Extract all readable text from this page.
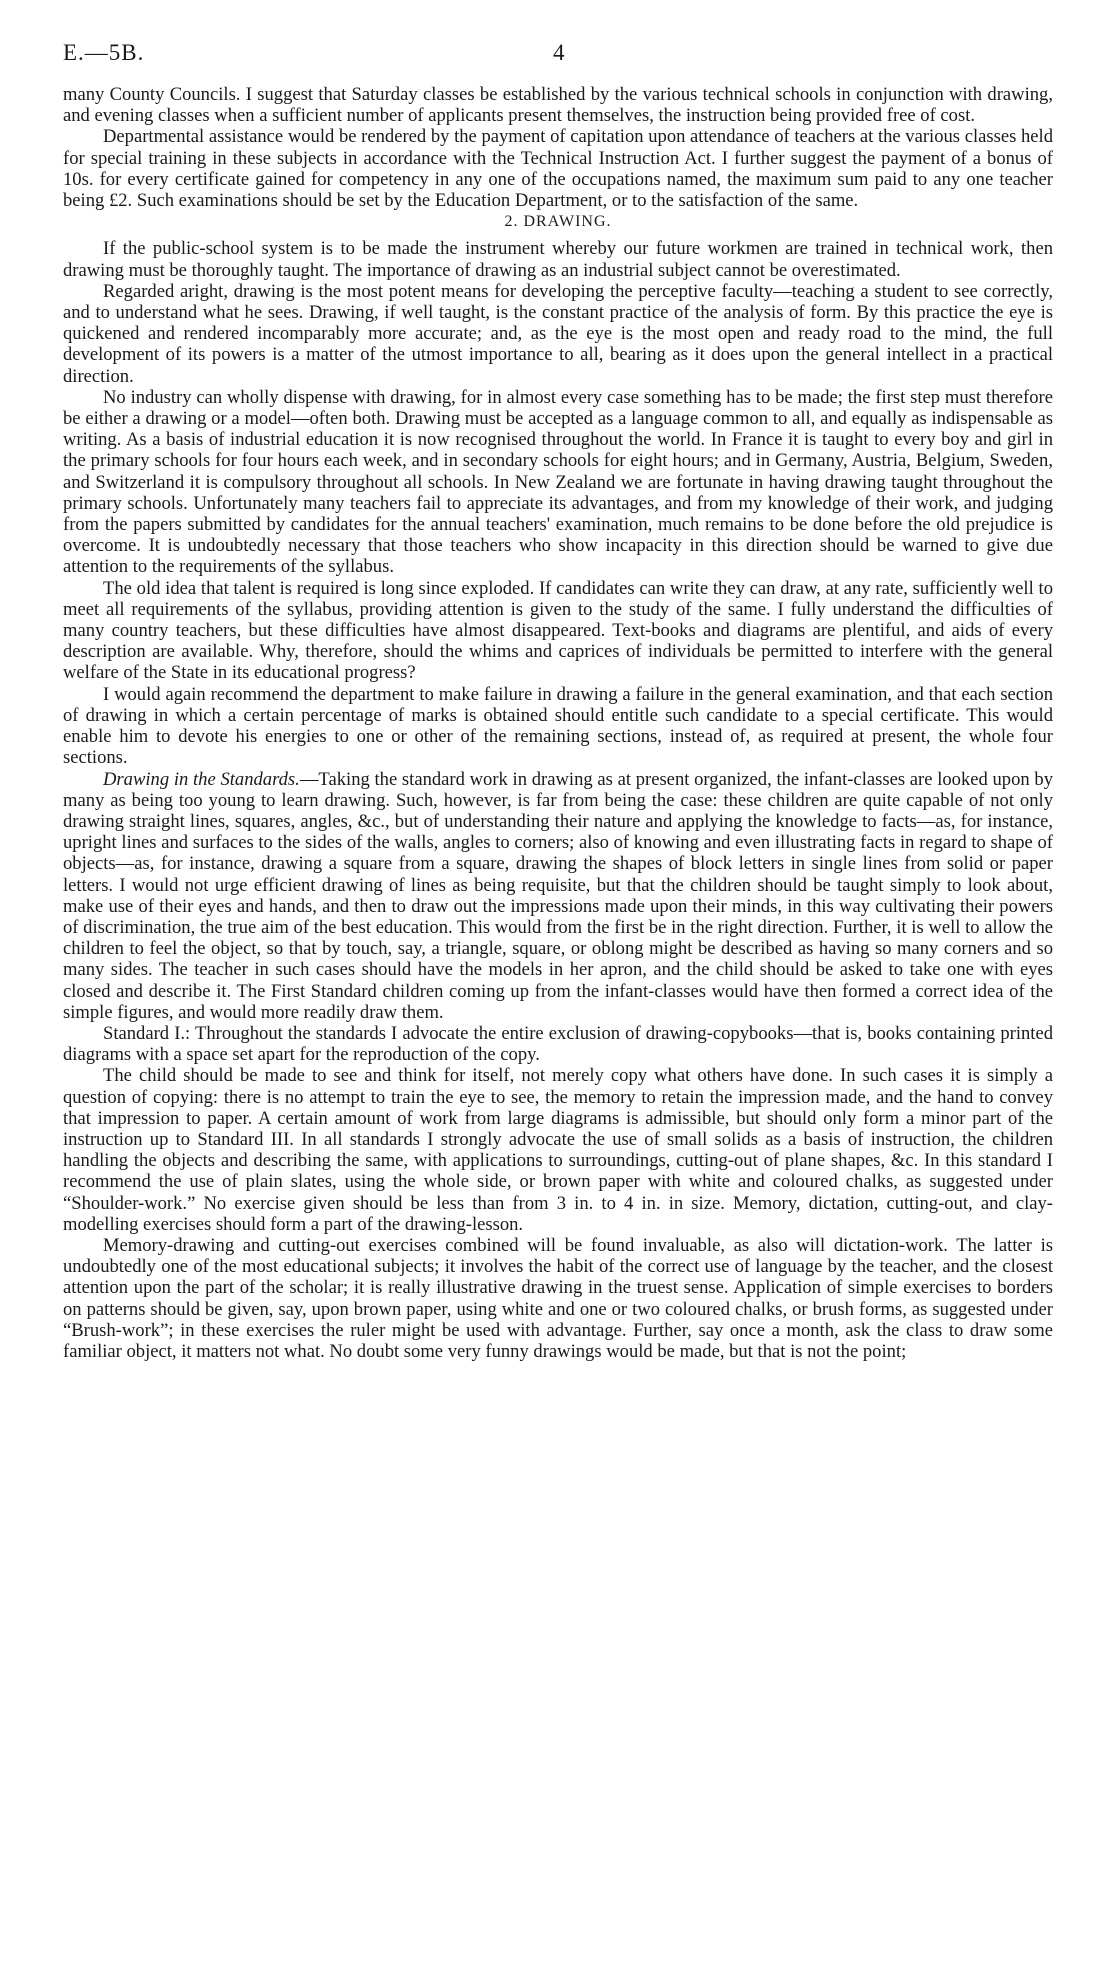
E.—5B.	4

many County Councils. I suggest that Saturday classes be established by the various technical schools in conjunction with drawing, and evening classes when a sufficient number of applicants present themselves, the instruction being provided free of cost.

Departmental assistance would be rendered by the payment of capitation upon attendance of teachers at the various classes held for special training in these subjects in accordance with the Technical Instruction Act. I further suggest the payment of a bonus of 10s. for every certificate gained for competency in any one of the occupations named, the maximum sum paid to any one teacher being £2. Such examinations should be set by the Education Department, or to the satisfaction of the same.

2. DRAWING.

If the public-school system is to be made the instrument whereby our future workmen are trained in technical work, then drawing must be thoroughly taught. The importance of drawing as an industrial subject cannot be overestimated.

Regarded aright, drawing is the most potent means for developing the perceptive faculty—teaching a student to see correctly, and to understand what he sees. Drawing, if well taught, is the constant practice of the analysis of form. By this practice the eye is quickened and rendered incomparably more accurate; and, as the eye is the most open and ready road to the mind, the full development of its powers is a matter of the utmost importance to all, bearing as it does upon the general intellect in a practical direction.

No industry can wholly dispense with drawing, for in almost every case something has to be made; the first step must therefore be either a drawing or a model—often both. Drawing must be accepted as a language common to all, and equally as indispensable as writing. As a basis of industrial education it is now recognised throughout the world. In France it is taught to every boy and girl in the primary schools for four hours each week, and in secondary schools for eight hours; and in Germany, Austria, Belgium, Sweden, and Switzerland it is compulsory throughout all schools. In New Zealand we are fortunate in having drawing taught throughout the primary schools. Unfortunately many teachers fail to appreciate its advantages, and from my knowledge of their work, and judging from the papers submitted by candidates for the annual teachers' examination, much remains to be done before the old prejudice is overcome. It is undoubtedly necessary that those teachers who show incapacity in this direction should be warned to give due attention to the requirements of the syllabus.

The old idea that talent is required is long since exploded. If candidates can write they can draw, at any rate, sufficiently well to meet all requirements of the syllabus, providing attention is given to the study of the same. I fully understand the difficulties of many country teachers, but these difficulties have almost disappeared. Text-books and diagrams are plentiful, and aids of every description are available. Why, therefore, should the whims and caprices of individuals be permitted to interfere with the general welfare of the State in its educational progress?

I would again recommend the department to make failure in drawing a failure in the general examination, and that each section of drawing in which a certain percentage of marks is obtained should entitle such candidate to a special certificate. This would enable him to devote his energies to one or other of the remaining sections, instead of, as required at present, the whole four sections.

Drawing in the Standards.—Taking the standard work in drawing as at present organized, the infant-classes are looked upon by many as being too young to learn drawing. Such, however, is far from being the case: these children are quite capable of not only drawing straight lines, squares, angles, &c., but of understanding their nature and applying the knowledge to facts—as, for instance, upright lines and surfaces to the sides of the walls, angles to corners; also of knowing and even illustrating facts in regard to shape of objects—as, for instance, drawing a square from a square, drawing the shapes of block letters in single lines from solid or paper letters. I would not urge efficient drawing of lines as being requisite, but that the children should be taught simply to look about, make use of their eyes and hands, and then to draw out the impressions made upon their minds, in this way cultivating their powers of discrimination, the true aim of the best education. This would from the first be in the right direction. Further, it is well to allow the children to feel the object, so that by touch, say, a triangle, square, or oblong might be described as having so many corners and so many sides. The teacher in such cases should have the models in her apron, and the child should be asked to take one with eyes closed and describe it. The First Standard children coming up from the infant-classes would have then formed a correct idea of the simple figures, and would more readily draw them.

Standard I.: Throughout the standards I advocate the entire exclusion of drawing-copybooks—that is, books containing printed diagrams with a space set apart for the reproduction of the copy.

The child should be made to see and think for itself, not merely copy what others have done. In such cases it is simply a question of copying: there is no attempt to train the eye to see, the memory to retain the impression made, and the hand to convey that impression to paper. A certain amount of work from large diagrams is admissible, but should only form a minor part of the instruction up to Standard III. In all standards I strongly advocate the use of small solids as a basis of instruction, the children handling the objects and describing the same, with applications to surroundings, cutting-out of plane shapes, &c. In this standard I recommend the use of plain slates, using the whole side, or brown paper with white and coloured chalks, as suggested under “Shoulder-work.” No exercise given should be less than from 3 in. to 4 in. in size. Memory, dictation, cutting-out, and clay-modelling exercises should form a part of the drawing-lesson.

Memory-drawing and cutting-out exercises combined will be found invaluable, as also will dictation-work. The latter is undoubtedly one of the most educational subjects; it involves the habit of the correct use of language by the teacher, and the closest attention upon the part of the scholar; it is really illustrative drawing in the truest sense. Application of simple exercises to borders on patterns should be given, say, upon brown paper, using white and one or two coloured chalks, or brush forms, as suggested under “Brush-work”; in these exercises the ruler might be used with advantage. Further, say once a month, ask the class to draw some familiar object, it matters not what. No doubt some very funny drawings would be made, but that is not the point;
